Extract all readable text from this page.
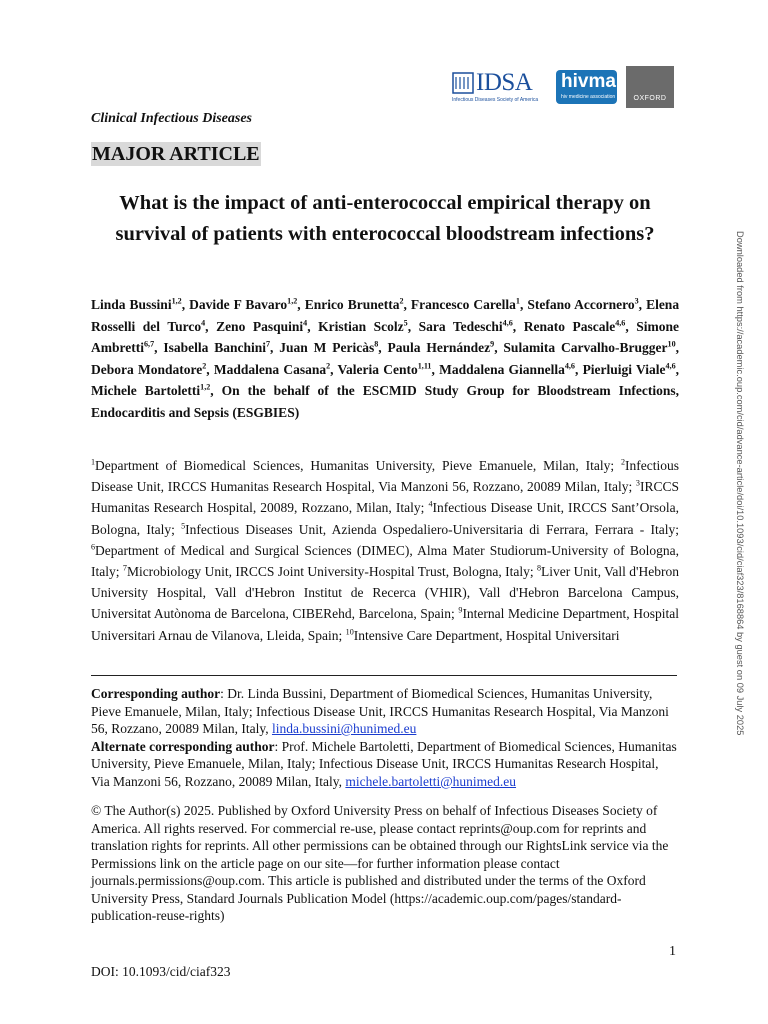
IDSA
Infectious Diseases Society of America
hivma
hiv medicine association	OXFORD
Clinical Infectious Diseases
MAJOR ARTICLE
What is the impact of anti-enterococcal empirical therapy on survival of patients with enterococcal bloodstream infections?
Linda Bussini$^{1,2}$, Davide F Bavaro$^{1,2}$, Enrico Brunetta$^2$, Francesco Carella$^1$, Stefano Accornero$^3$, Elena Rosselli del Turco$^4$, Zeno Pasquini$^4$, Kristian Scolz$^5$, Sara Tedeschi$^{4,6}$, Renato Pascale$^{4,6}$, Simone Ambretti$^{6,7}$, Isabella Banchini$^7$, Juan M Pericàs$^8$, Paula Hernández$^9$, Sulamita Carvalho-Brugger$^{10}$, Debora Mondatore$^2$, Maddalena Casana$^2$, Valeria Cento$^{1,11}$, Maddalena Giannella$^{4,6}$, Pierluigi Viale$^{4,6}$, Michele Bartoletti$^{1,2}$, On the behalf of the ESCMID Study Group for Bloodstream Infections, Endocarditis and Sepsis (ESGBIES)
$^1$Department of Biomedical Sciences, Humanitas University, Pieve Emanuele, Milan, Italy; $^2$Infectious Disease Unit, IRCCS Humanitas Research Hospital, Via Manzoni 56, Rozzano, 20089 Milan, Italy; $^3$IRCCS Humanitas Research Hospital, 20089, Rozzano, Milan, Italy; $^4$Infectious Disease Unit, IRCCS Sant’Orsola, Bologna, Italy; $^5$Infectious Diseases Unit, Azienda Ospedaliero-Universitaria di Ferrara, Ferrara - Italy; $^6$Department of Medical and Surgical Sciences (DIMEC), Alma Mater Studiorum-University of Bologna, Italy; $^7$Microbiology Unit, IRCCS Joint University-Hospital Trust, Bologna, Italy; $^8$Liver Unit, Vall d'Hebron University Hospital, Vall d'Hebron Institut de Recerca (VHIR), Vall d'Hebron Barcelona Campus, Universitat Autònoma de Barcelona, CIBERehd, Barcelona, Spain; $^9$Internal Medicine Department, Hospital Universitari Arnau de Vilanova, Lleida, Spain; $^{10}$Intensive Care Department, Hospital Universitari
Corresponding author: Dr. Linda Bussini, Department of Biomedical Sciences, Humanitas University, Pieve Emanuele, Milan, Italy; Infectious Disease Unit, IRCCS Humanitas Research Hospital, Via Manzoni 56, Rozzano, 20089 Milan, Italy, linda.bussini@hunimed.eu
Alternate corresponding author: Prof. Michele Bartoletti, Department of Biomedical Sciences, Humanitas University, Pieve Emanuele, Milan, Italy; Infectious Disease Unit, IRCCS Humanitas Research Hospital, Via Manzoni 56, Rozzano, 20089 Milan, Italy, michele.bartoletti@hunimed.eu
© The Author(s) 2025. Published by Oxford University Press on behalf of Infectious Diseases Society of America. All rights reserved. For commercial re-use, please contact reprints@oup.com for reprints and translation rights for reprints. All other permissions can be obtained through our RightsLink service via the Permissions link on the article page on our site—for further information please contact journals.permissions@oup.com. This article is published and distributed under the terms of the Oxford University Press, Standard Journals Publication Model (https://academic.oup.com/pages/standard-publication-reuse-rights)
1
DOI: 10.1093/cid/ciaf323
Downloaded from https://academic.oup.com/cid/advance-article/doi/10.1093/cid/ciaf323/8168864 by guest on 09 July 2025
